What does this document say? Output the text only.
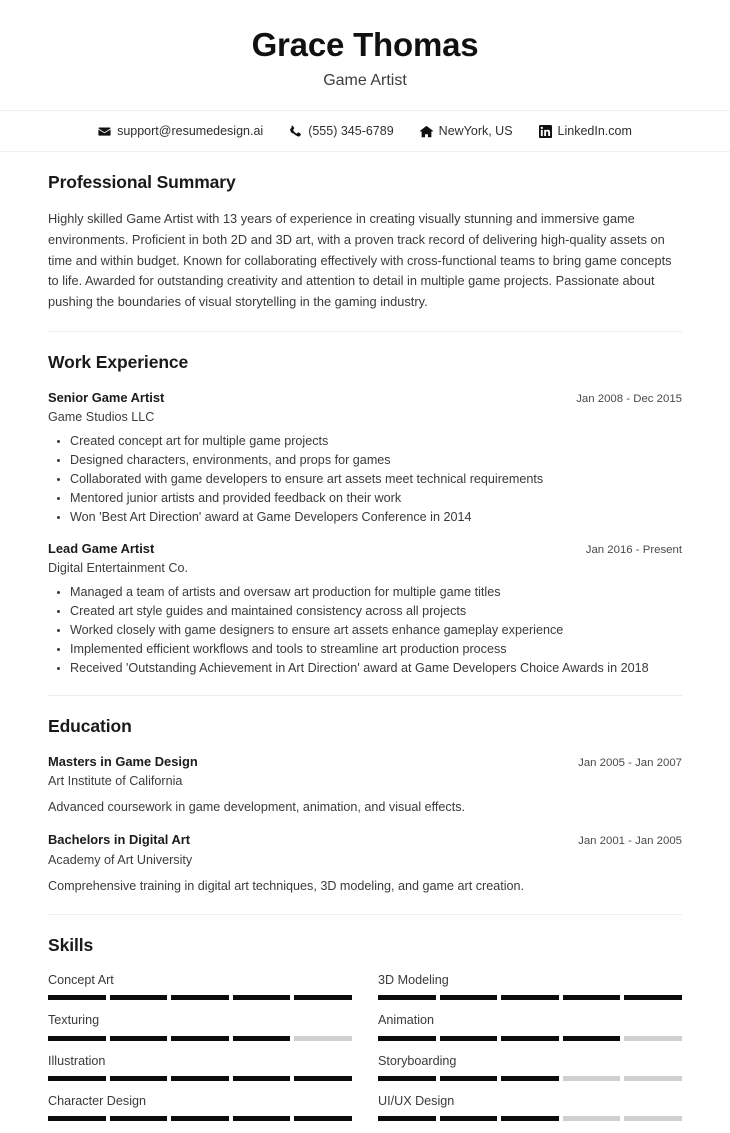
Grace Thomas
Game Artist
support@resumedesign.ai	(555) 345-6789	NewYork, US	LinkedIn.com
Professional Summary
Highly skilled Game Artist with 13 years of experience in creating visually stunning and immersive game environments. Proficient in both 2D and 3D art, with a proven track record of delivering high-quality assets on time and within budget. Known for collaborating effectively with cross-functional teams to bring game concepts to life. Awarded for outstanding creativity and attention to detail in multiple game projects. Passionate about pushing the boundaries of visual storytelling in the gaming industry.
Work Experience
Senior Game Artist	Jan 2008 - Dec 2015
Game Studios LLC
Created concept art for multiple game projects
Designed characters, environments, and props for games
Collaborated with game developers to ensure art assets meet technical requirements
Mentored junior artists and provided feedback on their work
Won 'Best Art Direction' award at Game Developers Conference in 2014
Lead Game Artist	Jan 2016 - Present
Digital Entertainment Co.
Managed a team of artists and oversaw art production for multiple game titles
Created art style guides and maintained consistency across all projects
Worked closely with game designers to ensure art assets enhance gameplay experience
Implemented efficient workflows and tools to streamline art production process
Received 'Outstanding Achievement in Art Direction' award at Game Developers Choice Awards in 2018
Education
Masters in Game Design	Jan 2005 - Jan 2007
Art Institute of California
Advanced coursework in game development, animation, and visual effects.
Bachelors in Digital Art	Jan 2001 - Jan 2005
Academy of Art University
Comprehensive training in digital art techniques, 3D modeling, and game art creation.
Skills
Concept Art	3D Modeling
Texturing	Animation
Illustration	Storyboarding
Character Design	UI/UX Design
